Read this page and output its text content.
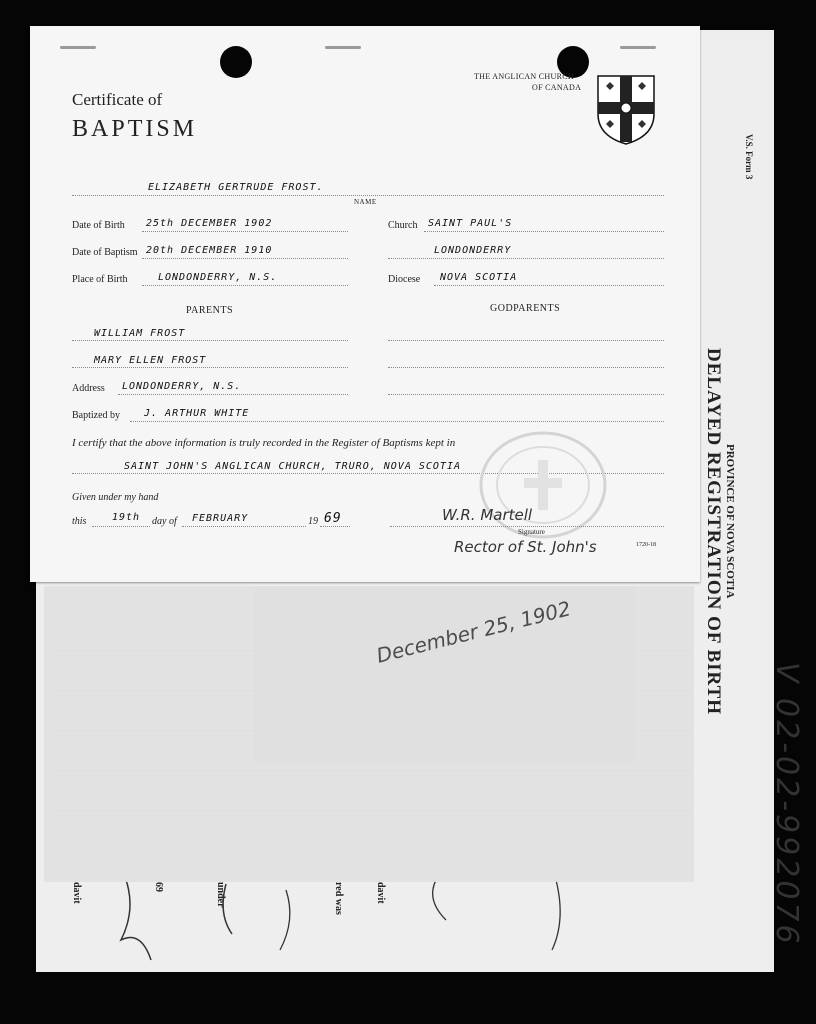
V.S. Form 3
PROVINCE OF NOVA SCOTIA
DELAYED REGISTRATION OF BIRTH
V 02-02-992076
red was
under	davit
davit	69
December 25, 1902
THE ANGLICAN CHURCH
OF CANADA
Certificate of
BAPTISM
ELIZABETH GERTRUDE FROST.
NAME
Date of Birth 25th DECEMBER 1902	Church SAINT PAUL'S
Date of Baptism 20th DECEMBER 1910	LONDONDERRY
Place of Birth	LONDONDERRY, N.S.	Diocese NOVA SCOTIA
PARENTS	GODPARENTS
WILLIAM FROST
MARY ELLEN FROST
Address LONDONDERRY, N.S.
Baptized by J. ARTHUR WHITE
I certify that the above information is truly recorded in the Register of Baptisms kept in
SAINT JOHN'S ANGLICAN CHURCH, TRURO, NOVA SCOTIA
Given under my hand
this	19th day of FEBRUARY	19 69	W.R. Martell
Signature
Rector of St. John's	1720-18
